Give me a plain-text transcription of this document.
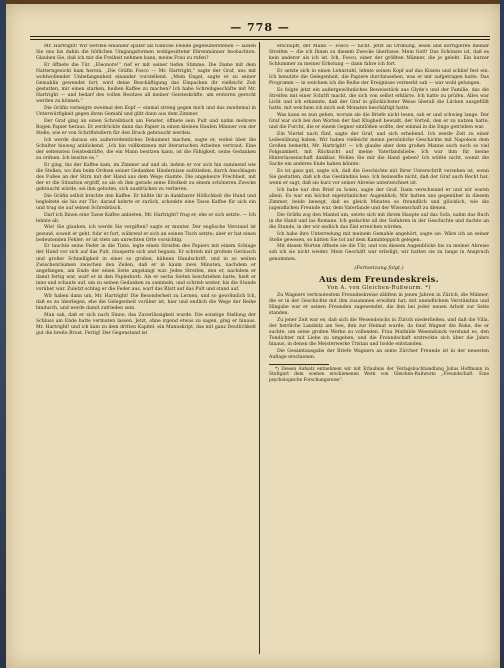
— 778 —

Mr. Hartright! Wir werden einander später als tödliche Feinde gegenüberstehen — lassen Sie uns bis dahin die höflichen Umgangsformen wohlgesitteter Ehrenmänner beobachten. Glauben Sie, daß ich mir die Freiheit nehmen kann, meine Frau zu rufen?

Er öffnete die Tür. „Eleonore!“ rief er mit seiner tiefen Stimme. Die Dame mit dem Natterngesicht kam herein. „Die Gräfin Fosco — Mr. Hartright,“ sagte der Graf, uns mit wohlwollender Unbefangenheit einander vorstellend. „Mein Engel, sagte er zu seiner Gemahlin gewendet fort, wird deine Beschäftigung das Einpacken dir vielleicht Zeit gestatten, mir einen starken, heißen Kaffee zu machen? Ich habe Schreibgeschäfte mit Mr. Hartright — und bedarf des vollen Besitzes all meiner Geisteskräfte, um ersteren gerecht werden zu können.“

Die Gräfin verneigte zweimal den Kopf — einmal streng gegen mich und das zweitemal in Unterwürfigkeit gegen ihren Gemahl und glitt dann aus dem Zimmer.

Der Graf ging an einen Schreibtisch am Fenster, öffnete sein Pult und nahm mehrere Bogen Papier heraus. Er zerdrückte dann das Papier in einen kleinen Haufen Männer von der Stelle, wie er von Schriftstellern für den Druck gebraucht werden.

Ich werde daraus ein außerordentliches Dokument machen, sagte er, wobei über die Schulter hinweg anblickend. „Ich bin vollkommen mit literarischen Arbeiten vertraut. Eine der seltensten Geisteskräfte, die ein Mann besitzen kann, ist die Fähigkeit, seine Gedanken zu ordnen. Ich besitze es.“

Er ging, bis der Kaffee kam, im Zimmer auf und ab, indem er vor sich hin summend wie die Stellen, wo ihm beim Ordnen seiner Gedanken Hindernisse aufstießen, durch Anschlagen des Fußes an der Stirn mit der Hand aus dem Wege räumte. Die ungeheure Frechheit, mit der er die Situation ergriff, so als ob ihm gerade seine Eitelkeit zu einem schöneren Zwecke gebraucht würde, sei ihm geboten, sich ausdrücken zu verlieren.

Die Gräfin selbst brachte den Kaffee. Er küßte ihr in dankbarer Höflichkeit die Hand und begleitete sie bis zur Tür; darauf kehrte er zurück, schenkte eine Tasse Kaffee für sich ein und trug sie auf seinen Schreibtisch.

Darf ich Ihnen eine Tasse Kaffee anbieten, Mr. Hartright? frug er, ehe er sich setzte. — Ich lehnte ab.

Wie! Sie glauben, ich werde Sie vergiften? sagte er munter. Der englische Verstand ist gesund, soweit er geht, fuhr er fort, während er sich an seinen Tisch setzte; aber er hat einen bedeutenden Fehler: er ist stets am unrechten Orte vorsichtig.

Er tauchte seine Feder in die Tinte, legte einen Streifen des Papiers mit einem Schlage der Hand vor sich auf das Pult, räusperte sich und begann. Er schrieb mit großem Geräusch und großer Schnelligkeit in einer so großen, kühnen Handschrift, und in so weiten Zwischenräumen zwischen den Zeilen, daß er in kaum zwei Minuten, nachdem er angefangen, am Ende der einen Seite angelangt war. Jedes Streifen, den er, nachdem er damit fertig war, warf er in den Papierkorb. Als er sechs Seiten beschrieben hatte, hielt er inne und schaute auf, um zu seinen Gedanken zu sammeln, und schrieb weiter, bis die Stunde vorüber war. Zuletzt schlug er die Feder aus, warf das Blatt auf das Pult und stand auf.

Wir haben dann um, Mr. Hartright! Die Besonderheit zu Lernen, und so gewöhnlich Ich, daß es zu überlegen, ehe die Gelegenheit vorüber ist, hier und endlich die Wege der Reihe hindurch, und werde damit zufrieden sein.

Man sah, daß er sich nach Sinne, das Zuverlässigkeit wurde. Die sonstige Stellung der Schluss am Ende hatte vermuten lassen. Jetzt, ohne irgend etwas zu sagen, ging er hinaus. Mr. Hartright! und ich kam zu dem dritten Kapitel, ein Manuskript, das mit ganz Deutlichkeit gut die breite Brust. Fertig! Der Gegenstand ist

erschöpft; der Mann — Fosco — nicht. Jetzt an Ordnung, lesen und korrigieren meiner Streifen — die ich Ihnen zu diesem Zwecke überlasse. Mein Gott! Das Schönste ist, daß es kein anderer als ich ist. Ich, Fosco, einer der größten Männer, die je gelebt. Ein kurzer Schlummer zu meiner Erholung — dann fahre ich fort.

Er setzte sich in einen Lehnstuhl, lehnte seinen Kopf auf das Kissen und schlief fest ein. Ich benutzte die Gelegenheit, die Papiere durchzusehen, was er mir aufgetragen hatte. Das Programm — in welchem ich die Reihe der Ereignisse vermerkt sah — war wohl gelungen.

Es folgte jetzt ein außergewöhnliches Beweisstück aus Glyde's und der Familie, das die Streifen mit einer Schrift macht, die sich von selbst erklärte. Ich hatte zu prüfen. Alles war Licht und ich erkannte, daß der Graf in glücklichster Weise überall die Lücken ausgefüllt hatte, mit welchem ich mich seit Monaten beschäftigt hatte.

Was kann es nun geben, worum sie die Briefe nicht lesen, sah er und schwieg lange. Der Graf war sich bei den Worten der fast Klugheit bewußt, der Vorteil, den er zu nutzen hatte, und die Furcht, die er einem Gegner einflößen wollte, der einmal in die Enge getrieben war.

Ein Viertel nach fünf, sagte der Graf, und sich erhebend. Ich werde Zeit zu einer Leibesübung haben. Wir haben vielleicht meine persönliche Geschichte mit Napoleon dem Großen bemerkt, Mr. Hartright! — ich glaube aber dem großen Manne auch noch so viel Folgsamkeit, mit Rücksicht auf meine Vaterlandsliebe. Ich war ihm für meine Hinterlassenschaft dankbar. Wollen Sie mir die Hand geben? Ich wüßte nicht, womit die Sache ein anderes Ende haben könnte.

Es ist ganz gut, sagte ich, daß die Geschichte mit Ihrer Unterschrift versehen ist, wenn Sie gestatten, daß ich das Geständnis lese. Ich bezweifle nicht, daß der Graf auch Recht hat, wenn er sagt, daß sie kurz vor seiner Abreise unterzeichnet ist.

Ich habe nur den Brief zu holen, sagte der Graf. Dann verschwand er und wir waren allein. Es war ein höchst eigentümlicher Augenblick; Wir hatten uns gegenüber in diesem Zimmer, beide bewegt, daß es gleich Minuten so freundlich und glücklich, wie die jugendlichen Freunde war, dem Vaterlande und der Wissenschaft zu dienen.

Die Gräfin zog den Mantel um, setzte sich mit ihrem Haupte auf das Sofa, nahm das Buch in die Hand und las Romane. Ich gedachte all der Gefahren in der Geschichte und dachte an die Stunde, in der wir endlich das Ziel erreichen würden.

Ich habe ihre Unterredung mit meinem Gemahle angehört, sagte sie. Wäre ich an seiner Stelle gewesen, so hätten Sie tot auf dem Kaminteppich gelegen.

Mit diesen Worten öffnete sie die Tür, und von diesem Augenblicke bis zu meiner Abreise sah ich sie nicht wieder. Mein Geschäft war erledigt; wir hatten sie zu lange in Anspruch genommen.

(Fortsetzung folgt.)
Aus dem Freundeskreis.
Von A. von Gleichen-Rußwurm. *)

Zu Wagners vertrautestem Freundeskreise zählten in jenen Jahren in Zürich, die Männer, die er in der Geschichte mit ihm zusammen erwähnt hat; mit unendlichem Verständnis und Hingabe war er seinen Freunden zugewendet, die ihm bei jeder neuen Arbeit zur Seite standen.

Zu jener Zeit war es, daß sich die Wesendoncks in Zürich niederließen, und daß die Villa, der herrliche Landsitz am See, ihm zur Heimat wurde; da fand Wagner die Ruhe, die er suchte, um seine großen Werke zu vollenden. Frau Mathilde Wesendonck verstand es, den Tondichter mit Liebe zu umgeben, und die Freundschaft erstreckte sich über die Jahre hinaus, in denen die Meisterwerke Tristan und Isolde entstanden.

Die Gesamtausgabe der Briefe Wagners an seine Zürcher Freunde ist in der neuesten Auflage erschienen.

*) Diesen Aufsatz entnehmen wir mit Erlaubnis der Verlagsbuchhandlung Julius Hoffmann in Stuttgart dem soeben erschienenen Werk von Gleichen-Rußwurm „Freundschaft. Eine psychologische Forschungsreise“.
